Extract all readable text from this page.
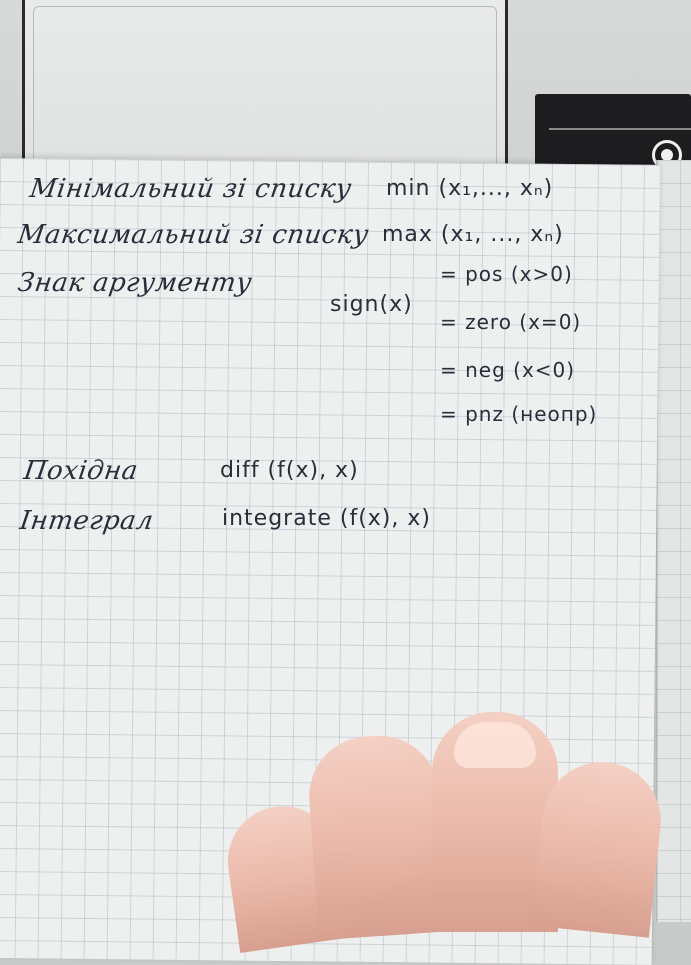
Мінімальний зі списку min (x₁,..., xₙ)
Максимальний зі списку max (x₁, ..., xₙ)
Знак аргументу
sign(x)
= pos (x>0)
= zero (x=0)
= neg (x<0)
= pnz (неопр)
Похідна	diff (f(x), x)
Інтеграл	integrate (f(x), x)
